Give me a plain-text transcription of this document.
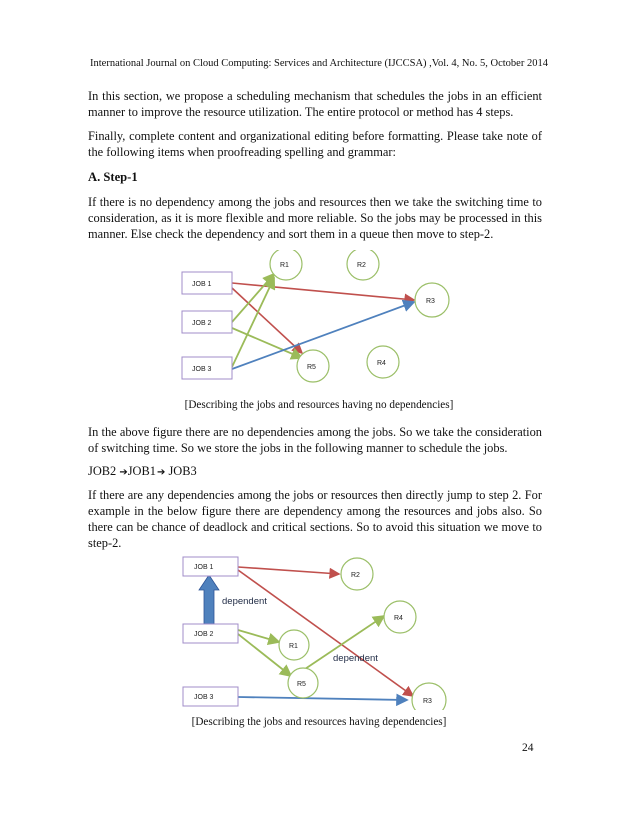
International Journal on Cloud Computing: Services and Architecture (IJCCSA) ,Vol. 4, No. 5, October 2014

In this section, we propose a scheduling mechanism that schedules the jobs in an efficient manner to improve the resource utilization. The entire protocol or method has 4 steps.

Finally, complete content and organizational editing before formatting. Please take note of the following items when proofreading spelling and grammar:

A. Step-1

If there is no dependency among the jobs and resources then we take the switching time to consideration, as it is more flexible and more reliable. So the jobs may be processed in this manner. Else check the dependency and sort them in a queue then move to step-2.

JOB 1
JOB 2
JOB 3
R1	R2
R3
R4
R5
[Describing the jobs and resources having no dependencies]

In the above figure there are no dependencies among the jobs. So we take the consideration of switching time. So we store the jobs in the following manner to schedule the jobs.

JOB2 ➔JOB1➔ JOB3

If there are any dependencies among the jobs or resources then directly jump to step 2. For example in the below figure there are dependency among the resources and jobs also. So there can be chance of deadlock and critical sections. So to avoid this situation we move to step-2.

dependent
dependent
JOB 1
JOB 2
JOB 3
R1
R2
R3
R4
R5
[Describing the jobs and resources having dependencies]
24
